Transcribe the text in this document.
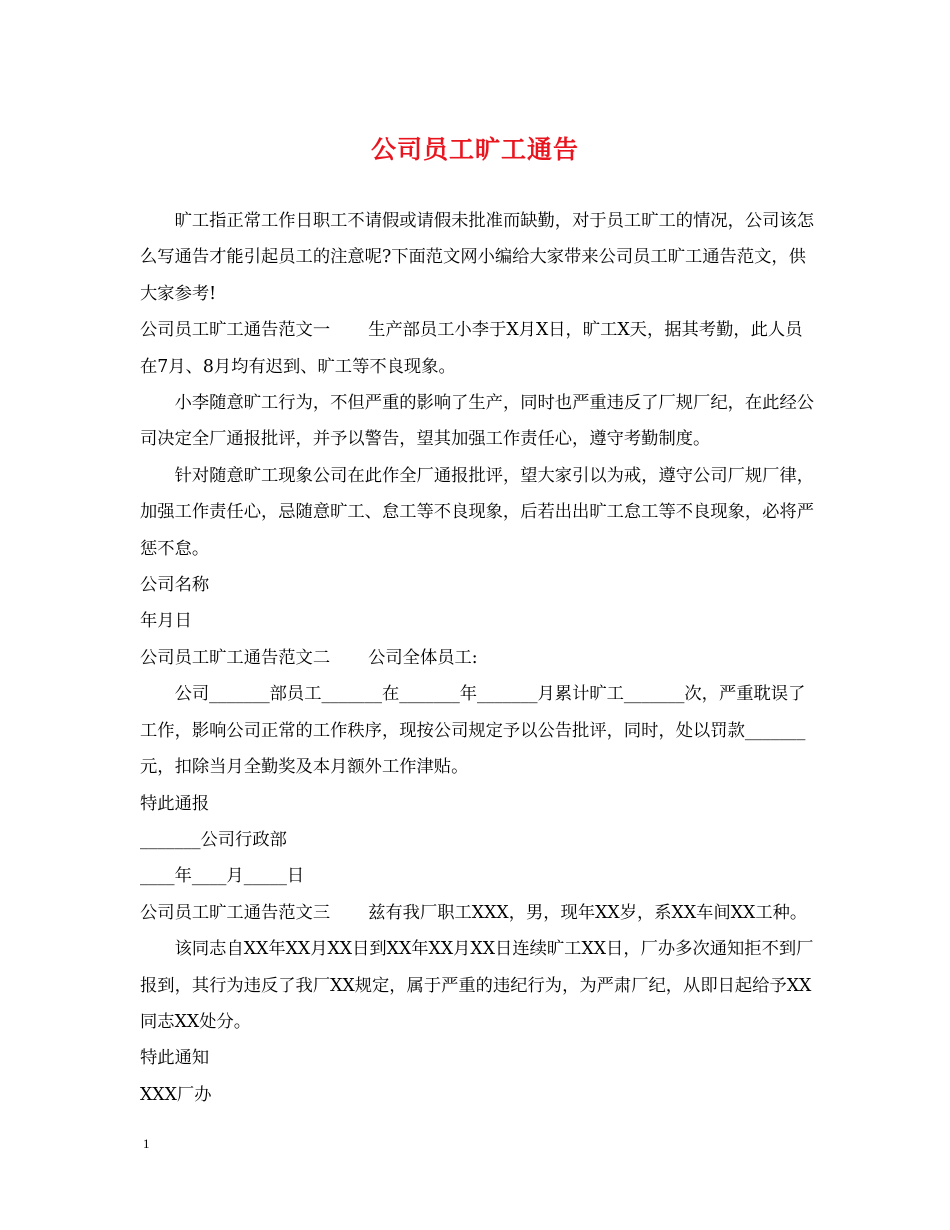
公司员工旷工通告

旷工指正常工作日职工不请假或请假未批准而缺勤，对于员工旷工的情况，公司该怎么写通告才能引起员工的注意呢?下面范文网小编给大家带来公司员工旷工通告范文，供大家参考!

公司员工旷工通告范文一 生产部员工小李于X月X日，旷工X天，据其考勤，此人员在7月、8月均有迟到、旷工等不良现象。

小李随意旷工行为，不但严重的影响了生产，同时也严重违反了厂规厂纪，在此经公司决定全厂通报批评，并予以警告，望其加强工作责任心，遵守考勤制度。

针对随意旷工现象公司在此作全厂通报批评，望大家引以为戒，遵守公司厂规厂律，加强工作责任心，忌随意旷工、怠工等不良现象，后若出出旷工怠工等不良现象，必将严惩不怠。

公司名称

年月日

公司员工旷工通告范文二 公司全体员工:

公司_______部员工_______在_______年_______月累计旷工_______次，严重耽误了工作，影响公司正常的工作秩序，现按公司规定予以公告批评，同时，处以罚款_______元，扣除当月全勤奖及本月额外工作津贴。

特此通报

_______公司行政部

____年____月_____日

公司员工旷工通告范文三 兹有我厂职工XXX，男，现年XX岁，系XX车间XX工种。

该同志自XX年XX月XX日到XX年XX月XX日连续旷工XX日，厂办多次通知拒不到厂报到，其行为违反了我厂XX规定，属于严重的违纪行为，为严肃厂纪，从即日起给予XX同志XX处分。

特此通知

XXX厂办

1
